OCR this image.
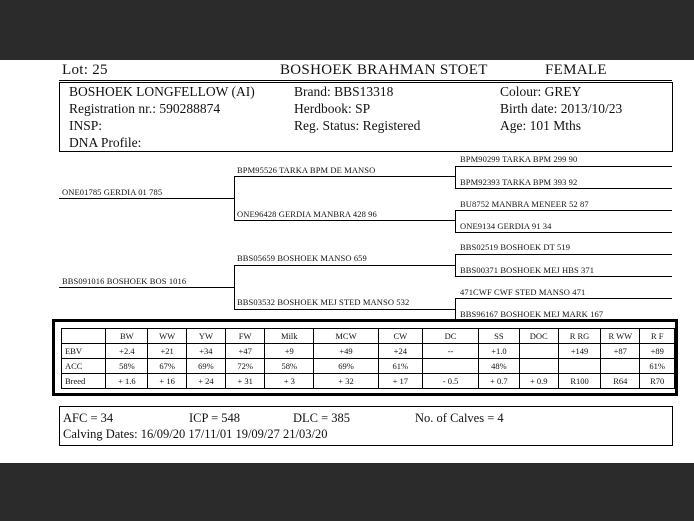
Lot: 25	BOSHOEK BRAHMAN STOET	FEMALE
BOSHOEK LONGFELLOW (AI)
Registration nr.: 590288874
INSP:
DNA Profile:
Brand: BBS13318
Herdbook: SP
Reg. Status: Registered
Colour: GREY
Birth date: 2013/10/23
Age: 101 Mths
ONE01785 GERDIA 01 785
BBS091016 BOSHOEK BOS 1016
BPM95526 TARKA BPM DE MANSO
ONE96428 GERDIA MANBRA 428 96
BBS05659 BOSHOEK MANSO 659
BBS03532 BOSHOEK MEJ STED MANSO 532
BPM90299 TARKA BPM 299 90
BPM92393 TARKA BPM 393 92
BU8752 MANBRA MENEER 52 87
ONE9134 GERDIA 91 34
BBS02519 BOSHOEK DT 519
BBS00371 BOSHOEK MEJ HBS 371
471CWF CWF STED MANSO 471
BBS96167 BOSHOEK MEJ MARK 167
	BW	WW	YW	FW	Milk	MCW	CW	DC	SS	DOC	R RG	R WW	R F
EBV	+2.4	+21	+34	+47	+9	+49	+24	--	+1.0		+149	+87	+89
ACC	58%	67%	69%	72%	58%	69%	61%		48%				61%
Breed	+ 1.6	+ 16	+ 24	+ 31	+ 3	+ 32	+ 17	- 0.5	+ 0.7	+ 0.9	R100	R64	R70
AFC = 34	ICP = 548	DLC = 385	No. of Calves = 4
Calving Dates: 16/09/20 17/11/01 19/09/27 21/03/20
